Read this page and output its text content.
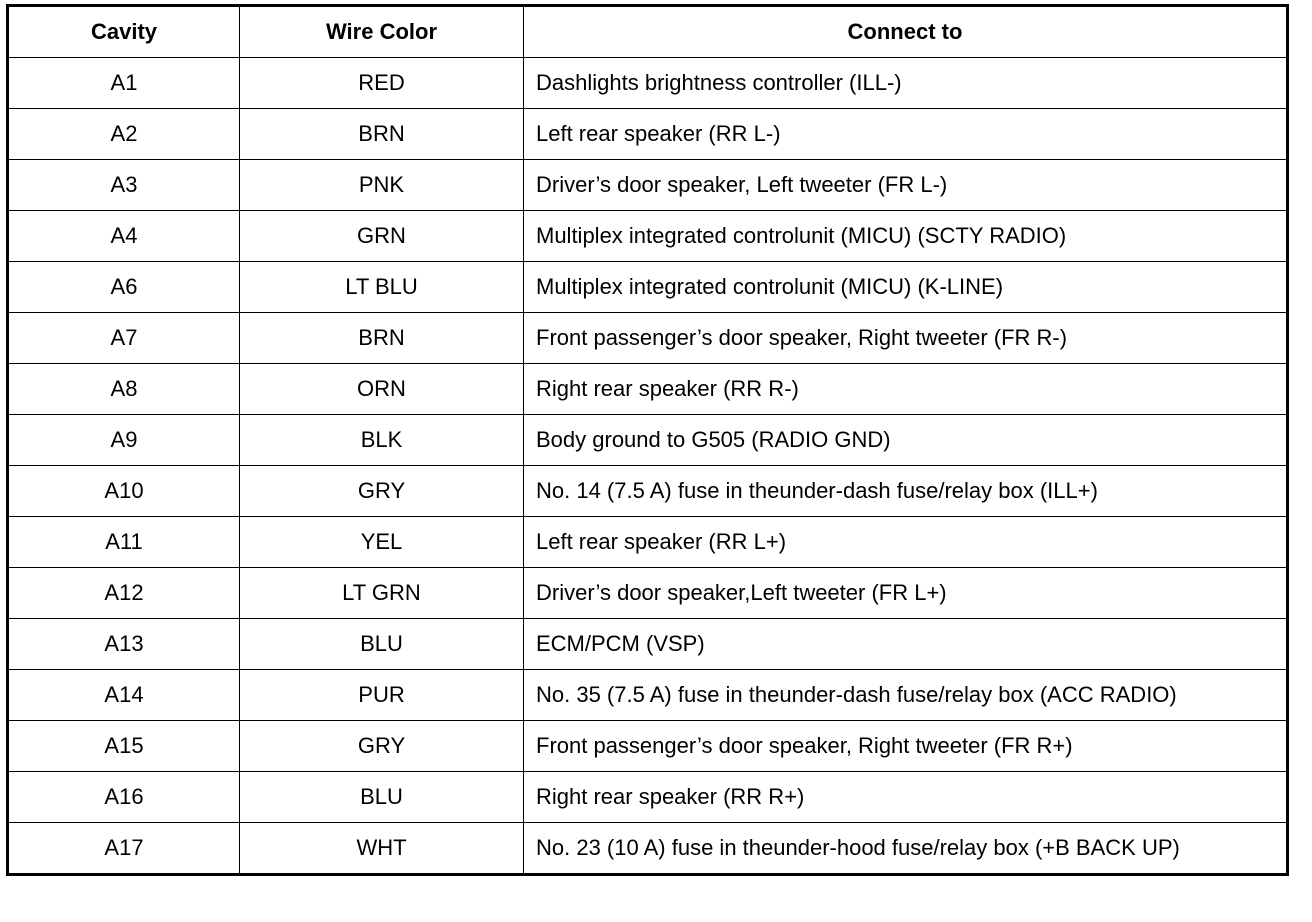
Cavity	Wire Color	Connect to
A1	RED	Dashlights brightness controller (ILL-)
A2	BRN	Left rear speaker (RR L-)
A3	PNK	Driver’s door speaker, Left tweeter (FR L-)
A4	GRN	Multiplex integrated controlunit (MICU) (SCTY RADIO)
A6	LT BLU	Multiplex integrated controlunit (MICU) (K-LINE)
A7	BRN	Front passenger’s door speaker, Right tweeter (FR R-)
A8	ORN	Right rear speaker (RR R-)
A9	BLK	Body ground to G505 (RADIO GND)
A10	GRY	No. 14 (7.5 A) fuse in theunder-dash fuse/relay box (ILL+)
A11	YEL	Left rear speaker (RR L+)
A12	LT GRN	Driver’s door speaker,Left tweeter (FR L+)
A13	BLU	ECM/PCM (VSP)
A14	PUR	No. 35 (7.5 A) fuse in theunder-dash fuse/relay box (ACC RADIO)
A15	GRY	Front passenger’s door speaker, Right tweeter (FR R+)
A16	BLU	Right rear speaker (RR R+)
A17	WHT	No. 23 (10 A) fuse in theunder-hood fuse/relay box (+B BACK UP)
